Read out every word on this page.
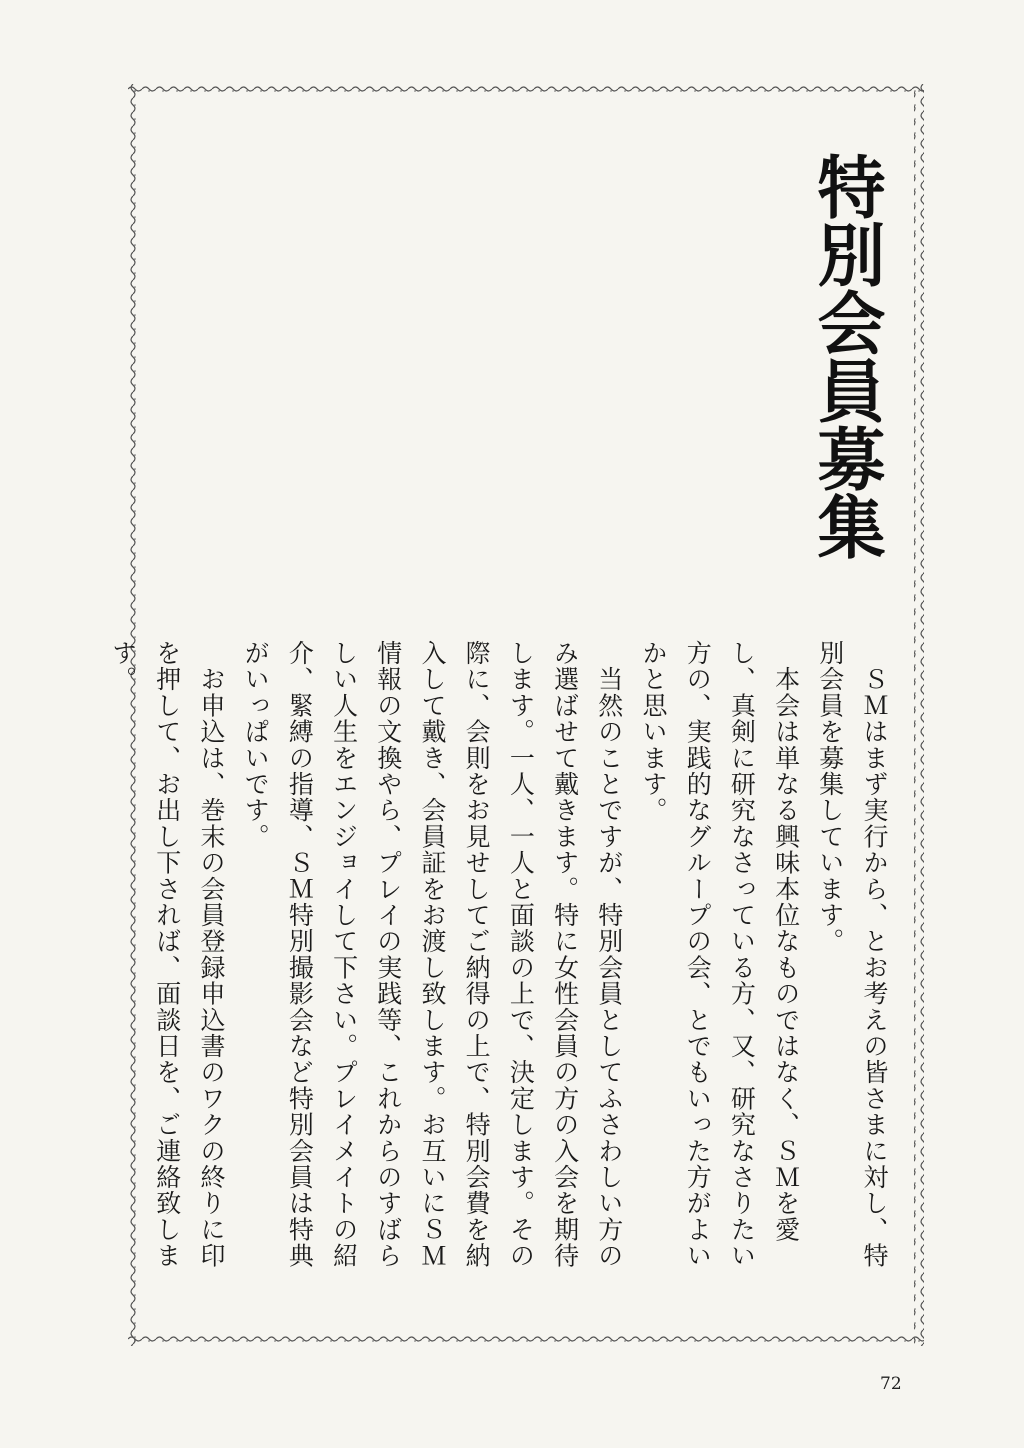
特別会員募集

　ＳＭはまず実行から、とお考えの皆さまに対し、特別会員を募集しています。

　本会は単なる興味本位なものではなく、ＳＭを愛し、真剣に研究なさっている方、又、研究なさりたい方の、実践的なグループの会、とでもいった方がよいかと思います。

　当然のことですが、特別会員としてふさわしい方のみ選ばせて戴きます。特に女性会員の方の入会を期待します。一人、一人と面談の上で、決定します。その際に、会則をお見せしてご納得の上で、特別会費を納入して戴き、会員証をお渡し致します。お互いにＳＭ情報の文換やら、プレイの実践等、これからのすばらしい人生をエンジョイして下さい。プレイメイトの紹介、緊縛の指導、ＳＭ特別撮影会など特別会員は特典がいっぱいです。

　お申込は、巻末の会員登録申込書のワクの終りに印を押して、お出し下されば、面談日を、ご連絡致します。

72
